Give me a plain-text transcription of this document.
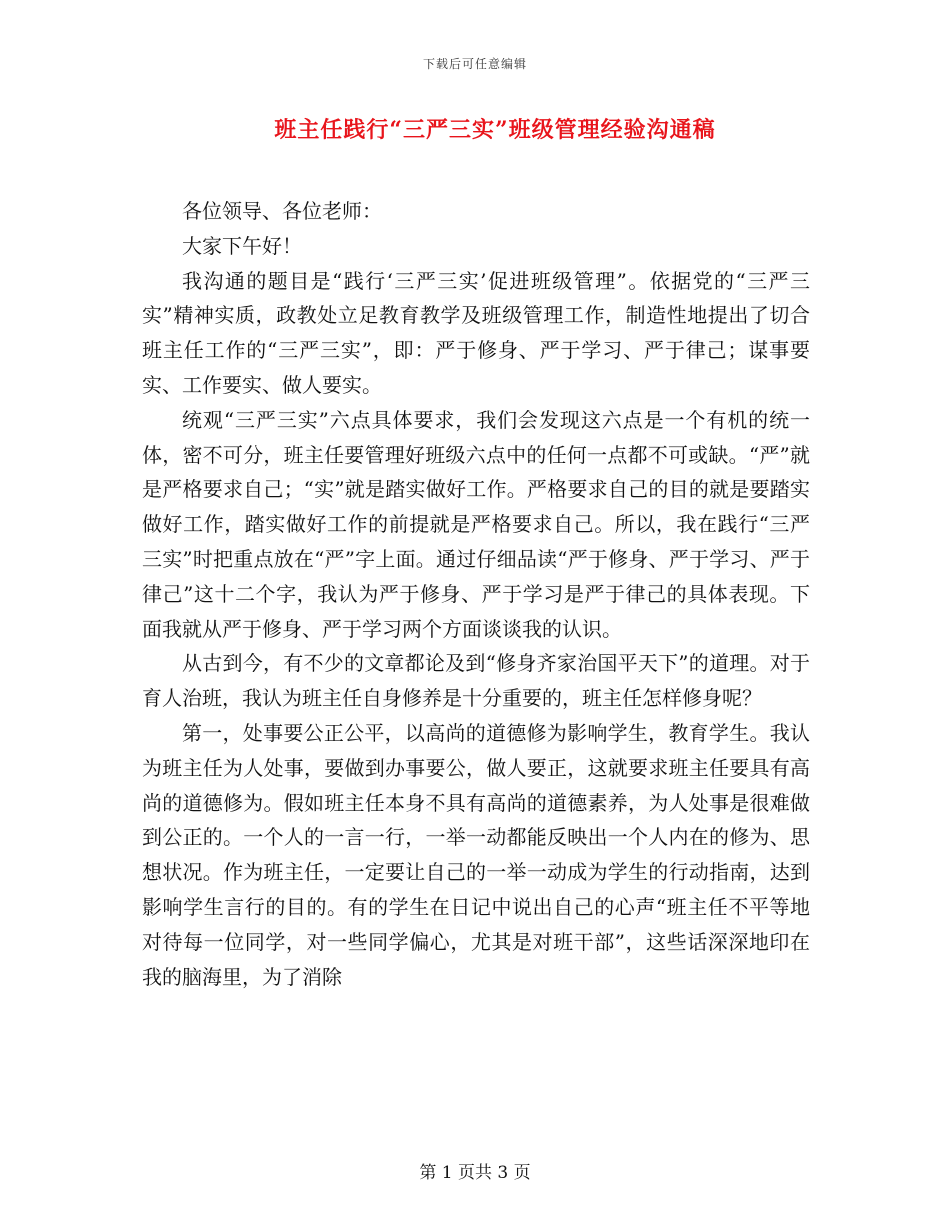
下载后可任意编辑
班主任践行“三严三实”班级管理经验沟通稿

各位领导、各位老师：

大家下午好！

我沟通的题目是“践行‘三严三实’促进班级管理”。依据党的“三严三实”精神实质，政教处立足教育教学及班级管理工作，制造性地提出了切合班主任工作的“三严三实”，即：严于修身、严于学习、严于律己；谋事要实、工作要实、做人要实。

统观“三严三实”六点具体要求，我们会发现这六点是一个有机的统一体，密不可分，班主任要管理好班级六点中的任何一点都不可或缺。“严”就是严格要求自己；“实”就是踏实做好工作。严格要求自己的目的就是要踏实做好工作，踏实做好工作的前提就是严格要求自己。所以，我在践行“三严三实”时把重点放在“严”字上面。通过仔细品读“严于修身、严于学习、严于律己”这十二个字，我认为严于修身、严于学习是严于律己的具体表现。下面我就从严于修身、严于学习两个方面谈谈我的认识。

从古到今，有不少的文章都论及到“修身齐家治国平天下”的道理。对于育人治班，我认为班主任自身修养是十分重要的，班主任怎样修身呢？

第一，处事要公正公平，以高尚的道德修为影响学生，教育学生。我认为班主任为人处事，要做到办事要公，做人要正，这就要求班主任要具有高尚的道德修为。假如班主任本身不具有高尚的道德素养，为人处事是很难做到公正的。一个人的一言一行，一举一动都能反映出一个人内在的修为、思想状况。作为班主任，一定要让自己的一举一动成为学生的行动指南，达到影响学生言行的目的。有的学生在日记中说出自己的心声“班主任不平等地对待每一位同学，对一些同学偏心，尤其是对班干部”，这些话深深地印在我的脑海里，为了消除

第 1 页共 3 页
